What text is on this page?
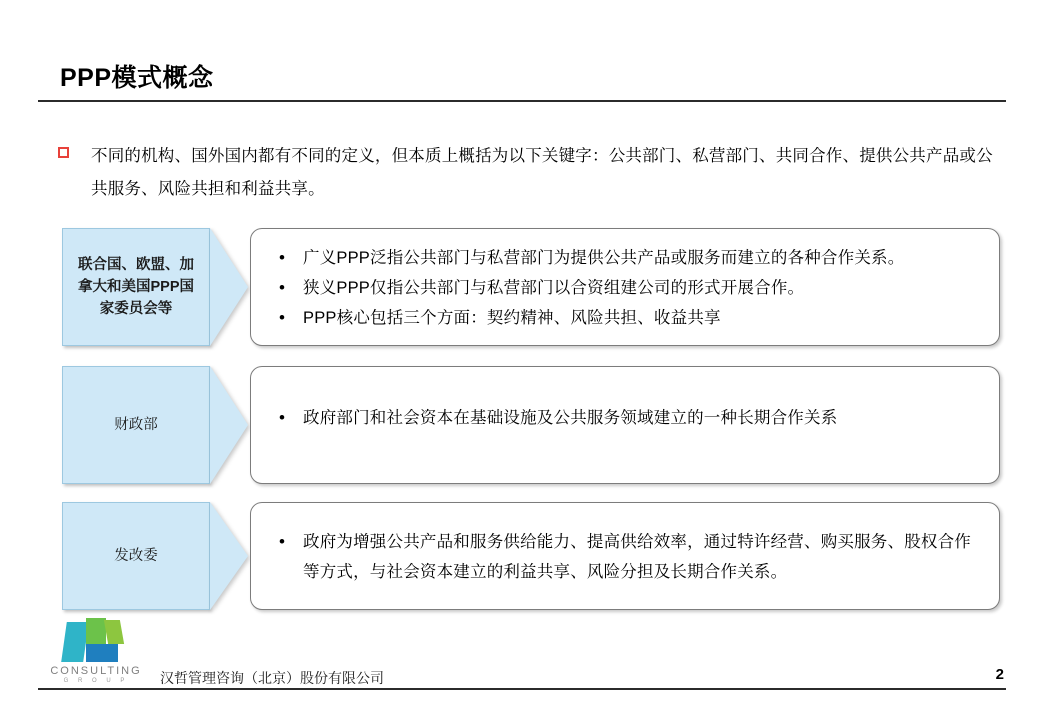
PPP模式概念
不同的机构、国外国内都有不同的定义，但本质上概括为以下关键字：公共部门、私营部门、共同合作、提供公共产品或公共服务、风险共担和利益共享。
联合国、欧盟、加拿大和美国PPP国家委员会等
• 广义PPP泛指公共部门与私营部门为提供公共产品或服务而建立的各种合作关系。
• 狭义PPP仅指公共部门与私营部门以合资组建公司的形式开展合作。
• PPP核心包括三个方面：契约精神、风险共担、收益共享
财政部	• 政府部门和社会资本在基础设施及公共服务领域建立的一种长期合作关系
发改委
• 政府为增强公共产品和服务供给能力、提高供给效率，通过特许经营、购买服务、股权合作等方式，与社会资本建立的利益共享、风险分担及长期合作关系。
汉哲管理咨询（北京）股份有限公司	2
CONSULTING
G R O U P
